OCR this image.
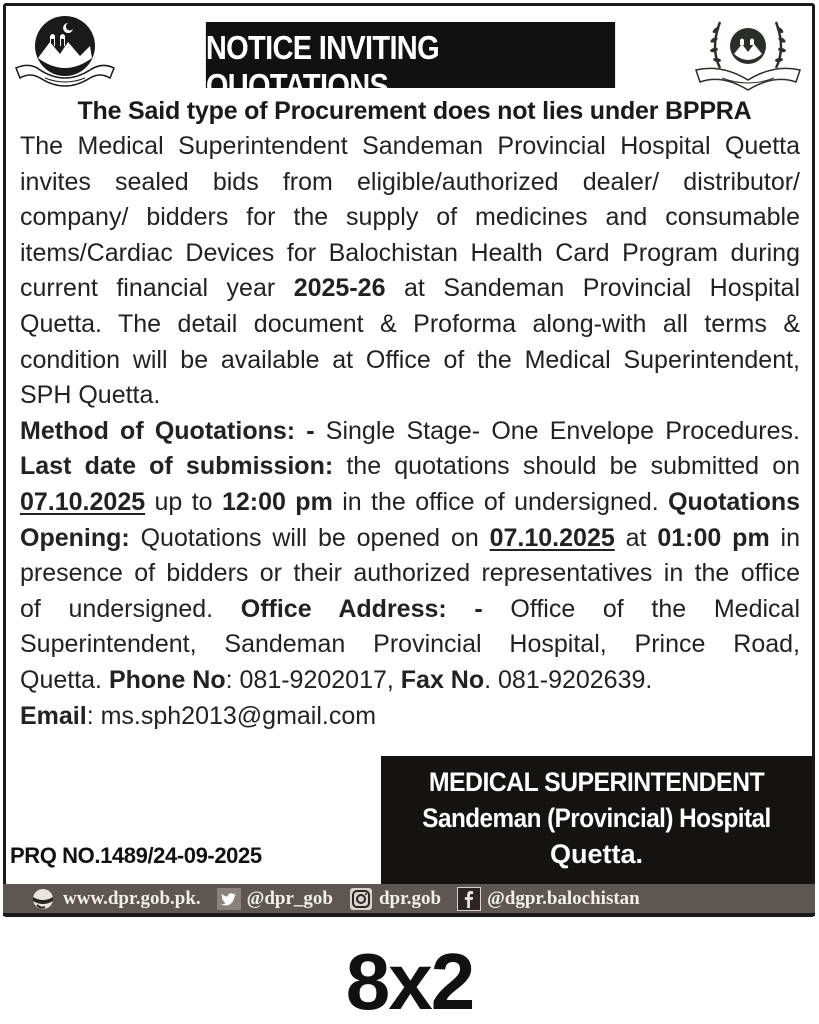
NOTICE INVITING QUOTATIONS
The Said type of Procurement does not lies under BPPRA
The Medical Superintendent Sandeman Provincial Hospital Quetta
invites sealed bids from eligible/authorized dealer/ distributor/
company/ bidders for the supply of medicines and consumable
items/Cardiac Devices for Balochistan Health Card Program during
current financial year 2025-26 at Sandeman Provincial Hospital
Quetta. The detail document & Proforma along-with all terms &
condition will be available at Office of the Medical Superintendent,
SPH Quetta.
Method of Quotations: - Single Stage- One Envelope Procedures.
Last date of submission: the quotations should be submitted on
07.10.2025 up to 12:00 pm in the office of undersigned. Quotations
Opening: Quotations will be opened on 07.10.2025 at 01:00 pm in
presence of bidders or their authorized representatives in the office
of undersigned. Office Address: - Office of the Medical
Superintendent, Sandeman Provincial Hospital, Prince Road,
Quetta. Phone No: 081-9202017, Fax No. 081-9202639.
Email: ms.sph2013@gmail.com
PRQ NO.1489/24-09-2025
MEDICAL SUPERINTENDENT
Sandeman (Provincial) Hospital
Quetta.
www.dpr.gob.pk. @dpr_gob dpr.gob @dgpr.balochistan
8x2
